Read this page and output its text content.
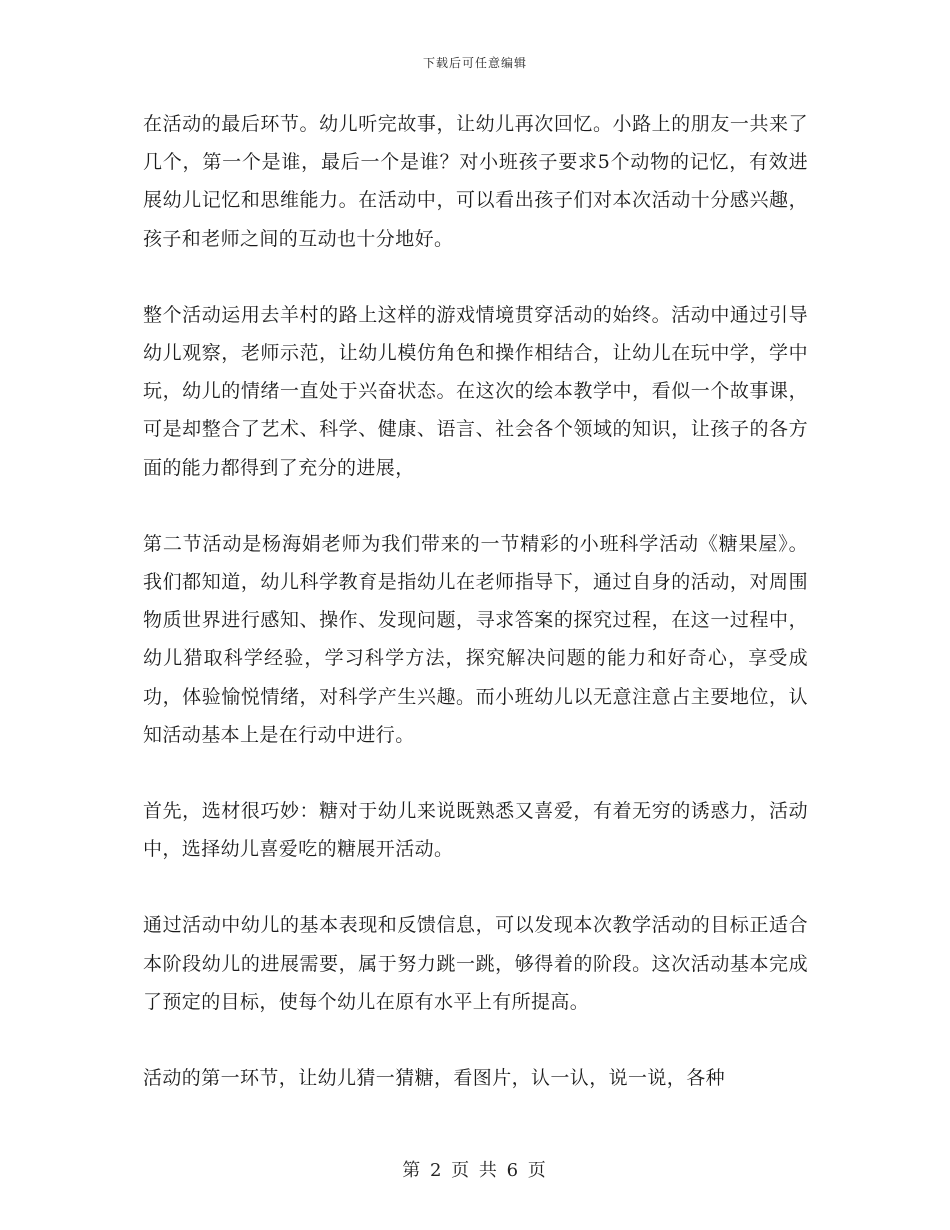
下载后可任意编辑

在活动的最后环节。幼儿听完故事，让幼儿再次回忆。小路上的朋友一共来了几个，第一个是谁，最后一个是谁？对小班孩子要求5个动物的记忆，有效进展幼儿记忆和思维能力。在活动中，可以看出孩子们对本次活动十分感兴趣，孩子和老师之间的互动也十分地好。

整个活动运用去羊村的路上这样的游戏情境贯穿活动的始终。活动中通过引导幼儿观察，老师示范，让幼儿模仿角色和操作相结合，让幼儿在玩中学，学中玩，幼儿的情绪一直处于兴奋状态。在这次的绘本教学中，看似一个故事课，可是却整合了艺术、科学、健康、语言、社会各个领域的知识，让孩子的各方面的能力都得到了充分的进展，

第二节活动是杨海娟老师为我们带来的一节精彩的小班科学活动《糖果屋》。我们都知道，幼儿科学教育是指幼儿在老师指导下，通过自身的活动，对周围物质世界进行感知、操作、发现问题，寻求答案的探究过程，在这一过程中，幼儿猎取科学经验，学习科学方法，探究解决问题的能力和好奇心，享受成功，体验愉悦情绪，对科学产生兴趣。而小班幼儿以无意注意占主要地位，认知活动基本上是在行动中进行。

首先，选材很巧妙：糖对于幼儿来说既熟悉又喜爱，有着无穷的诱惑力，活动中，选择幼儿喜爱吃的糖展开活动。

通过活动中幼儿的基本表现和反馈信息，可以发现本次教学活动的目标正适合本阶段幼儿的进展需要，属于努力跳一跳，够得着的阶段。这次活动基本完成了预定的目标，使每个幼儿在原有水平上有所提高。

活动的第一环节，让幼儿猜一猜糖，看图片，认一认，说一说，各种

第 2 页 共 6 页
